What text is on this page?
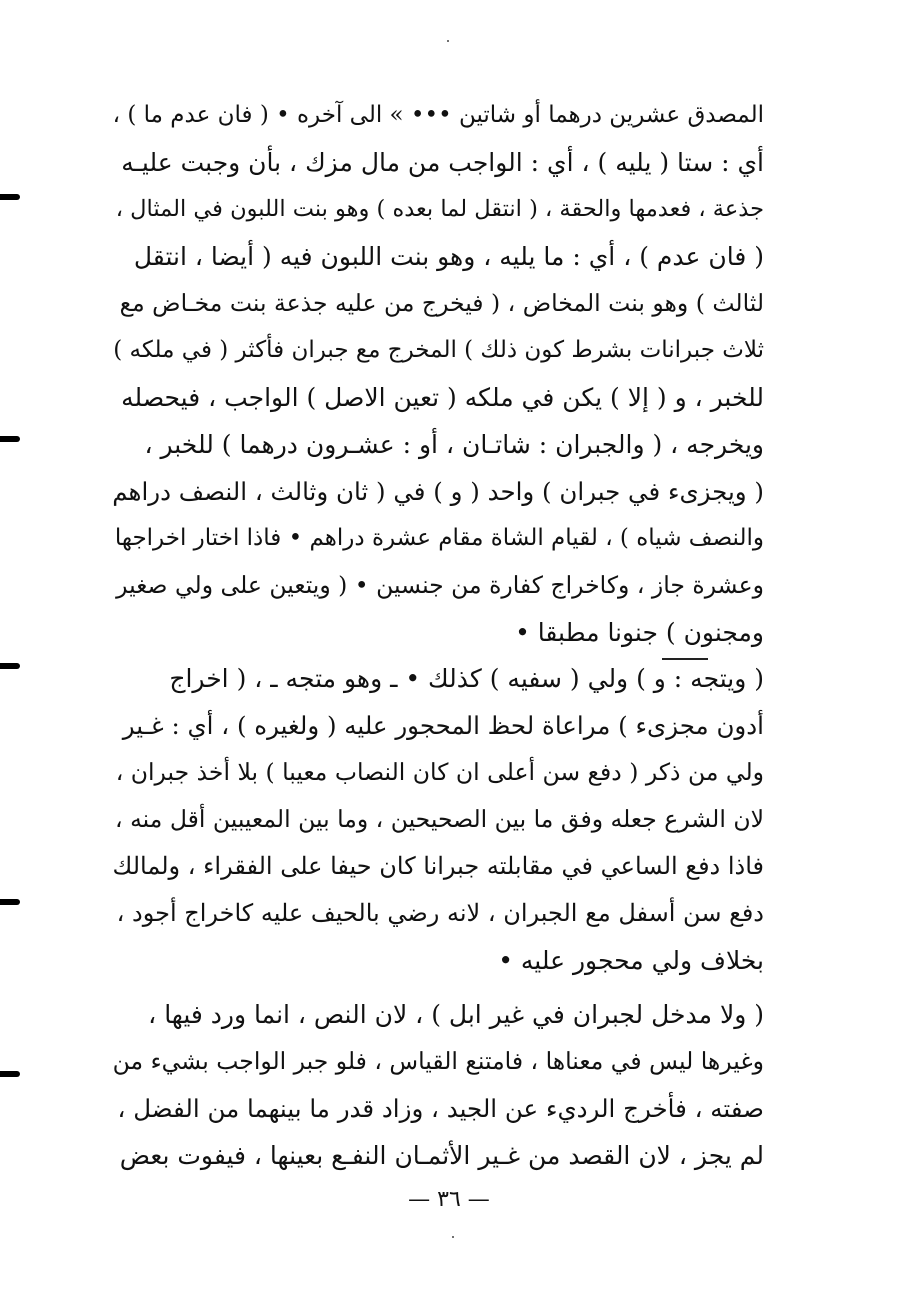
المصدق عشرين درهما أو شاتين ••• » الى آخره • ( فان عدم ما ) ،
أي : ستا ( يليه ) ، أي : الواجب من مال مزك ، بأن وجبت عليـه
جذعة ، فعدمها والحقة ، ( انتقل لما بعده ) وهو بنت اللبون في المثال ،
( فان عدم ) ، أي : ما يليه ، وهو بنت اللبون فيه ( أيضا ، انتقل
لثالث ) وهو بنت المخاض ، ( فيخرج من عليه جذعة بنت مخـاض مع
ثلاث جبرانات بشرط كون ذلك ) المخرج مع جبران فأكثر ( في ملكه )
للخبر ، و ( إلا ) يكن في ملكه ( تعين الاصل ) الواجب ، فيحصله
ويخرجه ، ( والجبران : شاتـان ، أو : عشـرون درهما ) للخبر ،
( ويجزىء في جبران ) واحد ( و ) في ( ثان وثالث ، النصف دراهم
والنصف شياه ) ، لقيام الشاة مقام عشرة دراهم • فاذا اختار اخراجها
وعشرة جاز ، وكاخراج كفارة من جنسين • ( ويتعين على ولي صغير
ومجنون ) جنونا مطبقا •
( ويتجه : و ) ولي ( سفيه ) كذلك • ـ وهو متجه ـ ، ( اخراج
أدون مجزىء ) مراعاة لحظ المحجور عليه ( ولغيره ) ، أي : غـير
ولي من ذكر ( دفع سن أعلى ان كان النصاب معيبا ) بلا أخذ جبران ،
لان الشرع جعله وفق ما بين الصحيحين ، وما بين المعيبين أقل منه ،
فاذا دفع الساعي في مقابلته جبرانا كان حيفا على الفقراء ، ولمالك
دفع سن أسفل مع الجبران ، لانه رضي بالحيف عليه كاخراج أجود ،
بخلاف ولي محجور عليه •
( ولا مدخل لجبران في غير ابل ) ، لان النص ، انما ورد فيها ،
وغيرها ليس في معناها ، فامتنع القياس ، فلو جبر الواجب بشيء من
صفته ، فأخرج الرديء عن الجيد ، وزاد قدر ما بينهما من الفضل ،
لم يجز ، لان القصد من غـير الأثمـان النفـع بعينها ، فيفوت بعض
— ٣٦ —
